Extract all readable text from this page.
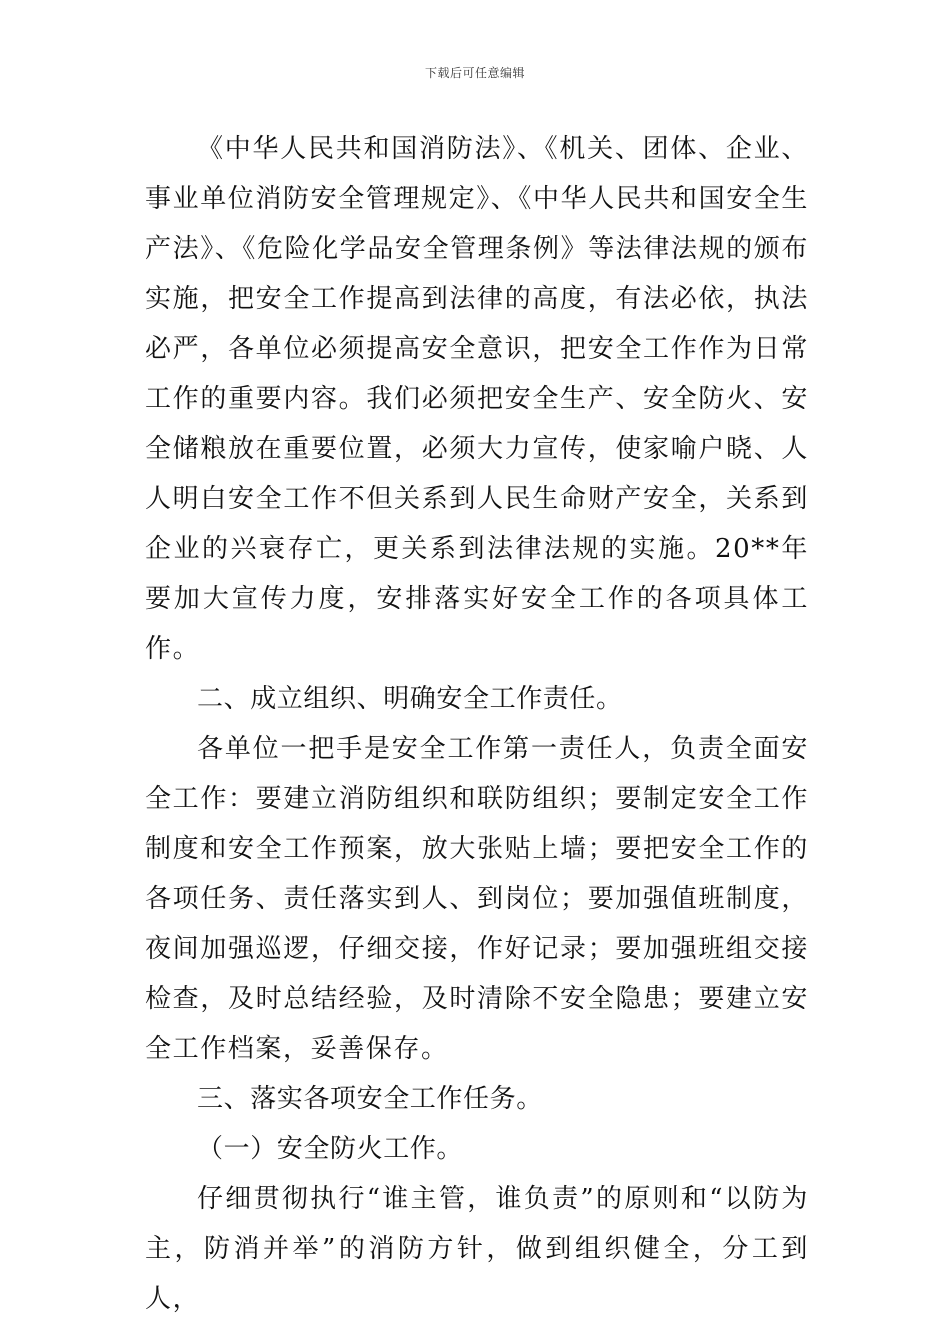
下载后可任意编辑

《中华人民共和国消防法》、《机关、团体、企业、事业单位消防安全管理规定》、《中华人民共和国安全生产法》、《危险化学品安全管理条例》等法律法规的颁布实施，把安全工作提高到法律的高度，有法必依，执法必严，各单位必须提高安全意识，把安全工作作为日常工作的重要内容。我们必须把安全生产、安全防火、安全储粮放在重要位置，必须大力宣传，使家喻户晓、人人明白安全工作不但关系到人民生命财产安全，关系到企业的兴衰存亡，更关系到法律法规的实施。20**年要加大宣传力度，安排落实好安全工作的各项具体工作。

二、成立组织、明确安全工作责任。

各单位一把手是安全工作第一责任人，负责全面安全工作：要建立消防组织和联防组织；要制定安全工作制度和安全工作预案，放大张贴上墙；要把安全工作的各项任务、责任落实到人、到岗位；要加强值班制度，夜间加强巡逻，仔细交接，作好记录；要加强班组交接检查，及时总结经验，及时清除不安全隐患；要建立安全工作档案，妥善保存。

三、落实各项安全工作任务。

（一）安全防火工作。

仔细贯彻执行“谁主管，谁负责”的原则和“以防为主，防消并举”的消防方针，做到组织健全，分工到人，
